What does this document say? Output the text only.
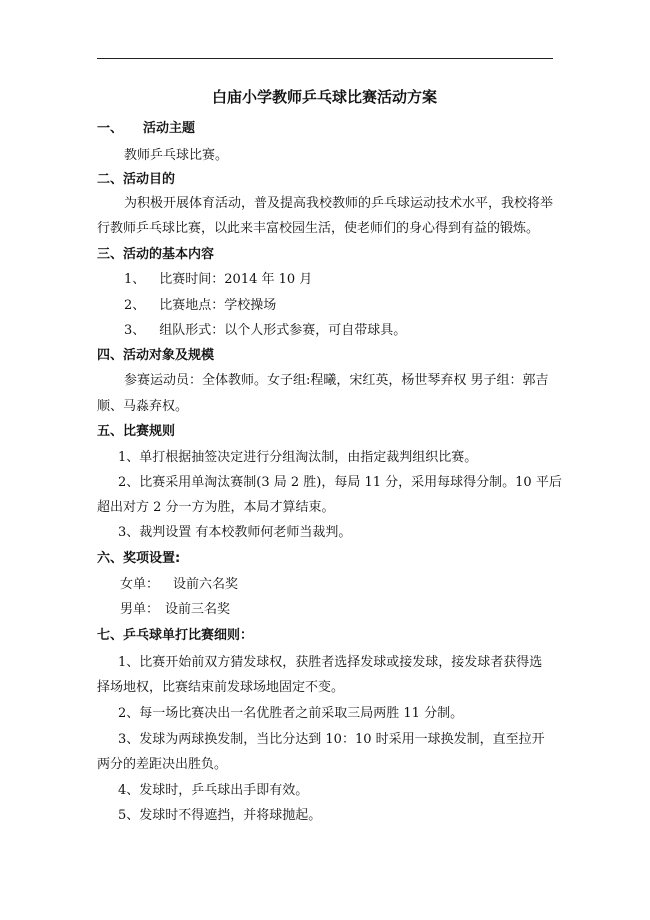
白庙小学教师乒乓球比赛活动方案
一、 活动主题
教师乒乓球比赛。
二、活动目的
为积极开展体育活动，普及提高我校教师的乒乓球运动技术水平，我校将举
行教师乒乓球比赛，以此来丰富校园生活，使老师们的身心得到有益的锻炼。
三、活动的基本内容
1、 比赛时间：2014 年 10 月
2、 比赛地点：学校操场
3、 组队形式：以个人形式参赛，可自带球具。
四、活动对象及规模
参赛运动员：全体教师。女子组:程曦，宋红英，杨世琴弃权 男子组：郭吉
顺、马淼弃权。
五、比赛规则
1、单打根据抽签决定进行分组淘汰制，由指定裁判组织比赛。
2、比赛采用单淘汰赛制(3 局 2 胜)，每局 11 分，采用每球得分制。10 平后
超出对方 2 分一方为胜，本局才算结束。
3、裁判设置 有本校教师何老师当裁判。
六、奖项设置:
女单： 设前六名奖
男单： 设前三名奖
七、乒乓球单打比赛细则：
1、比赛开始前双方猜发球权，获胜者选择发球或接发球，接发球者获得选
择场地权，比赛结束前发球场地固定不变。
2、每一场比赛决出一名优胜者之前采取三局两胜 11 分制。
3、发球为两球换发制，当比分达到 10：10 时采用一球换发制，直至拉开
两分的差距决出胜负。
4、发球时，乒乓球出手即有效。
5、发球时不得遮挡，并将球抛起。
